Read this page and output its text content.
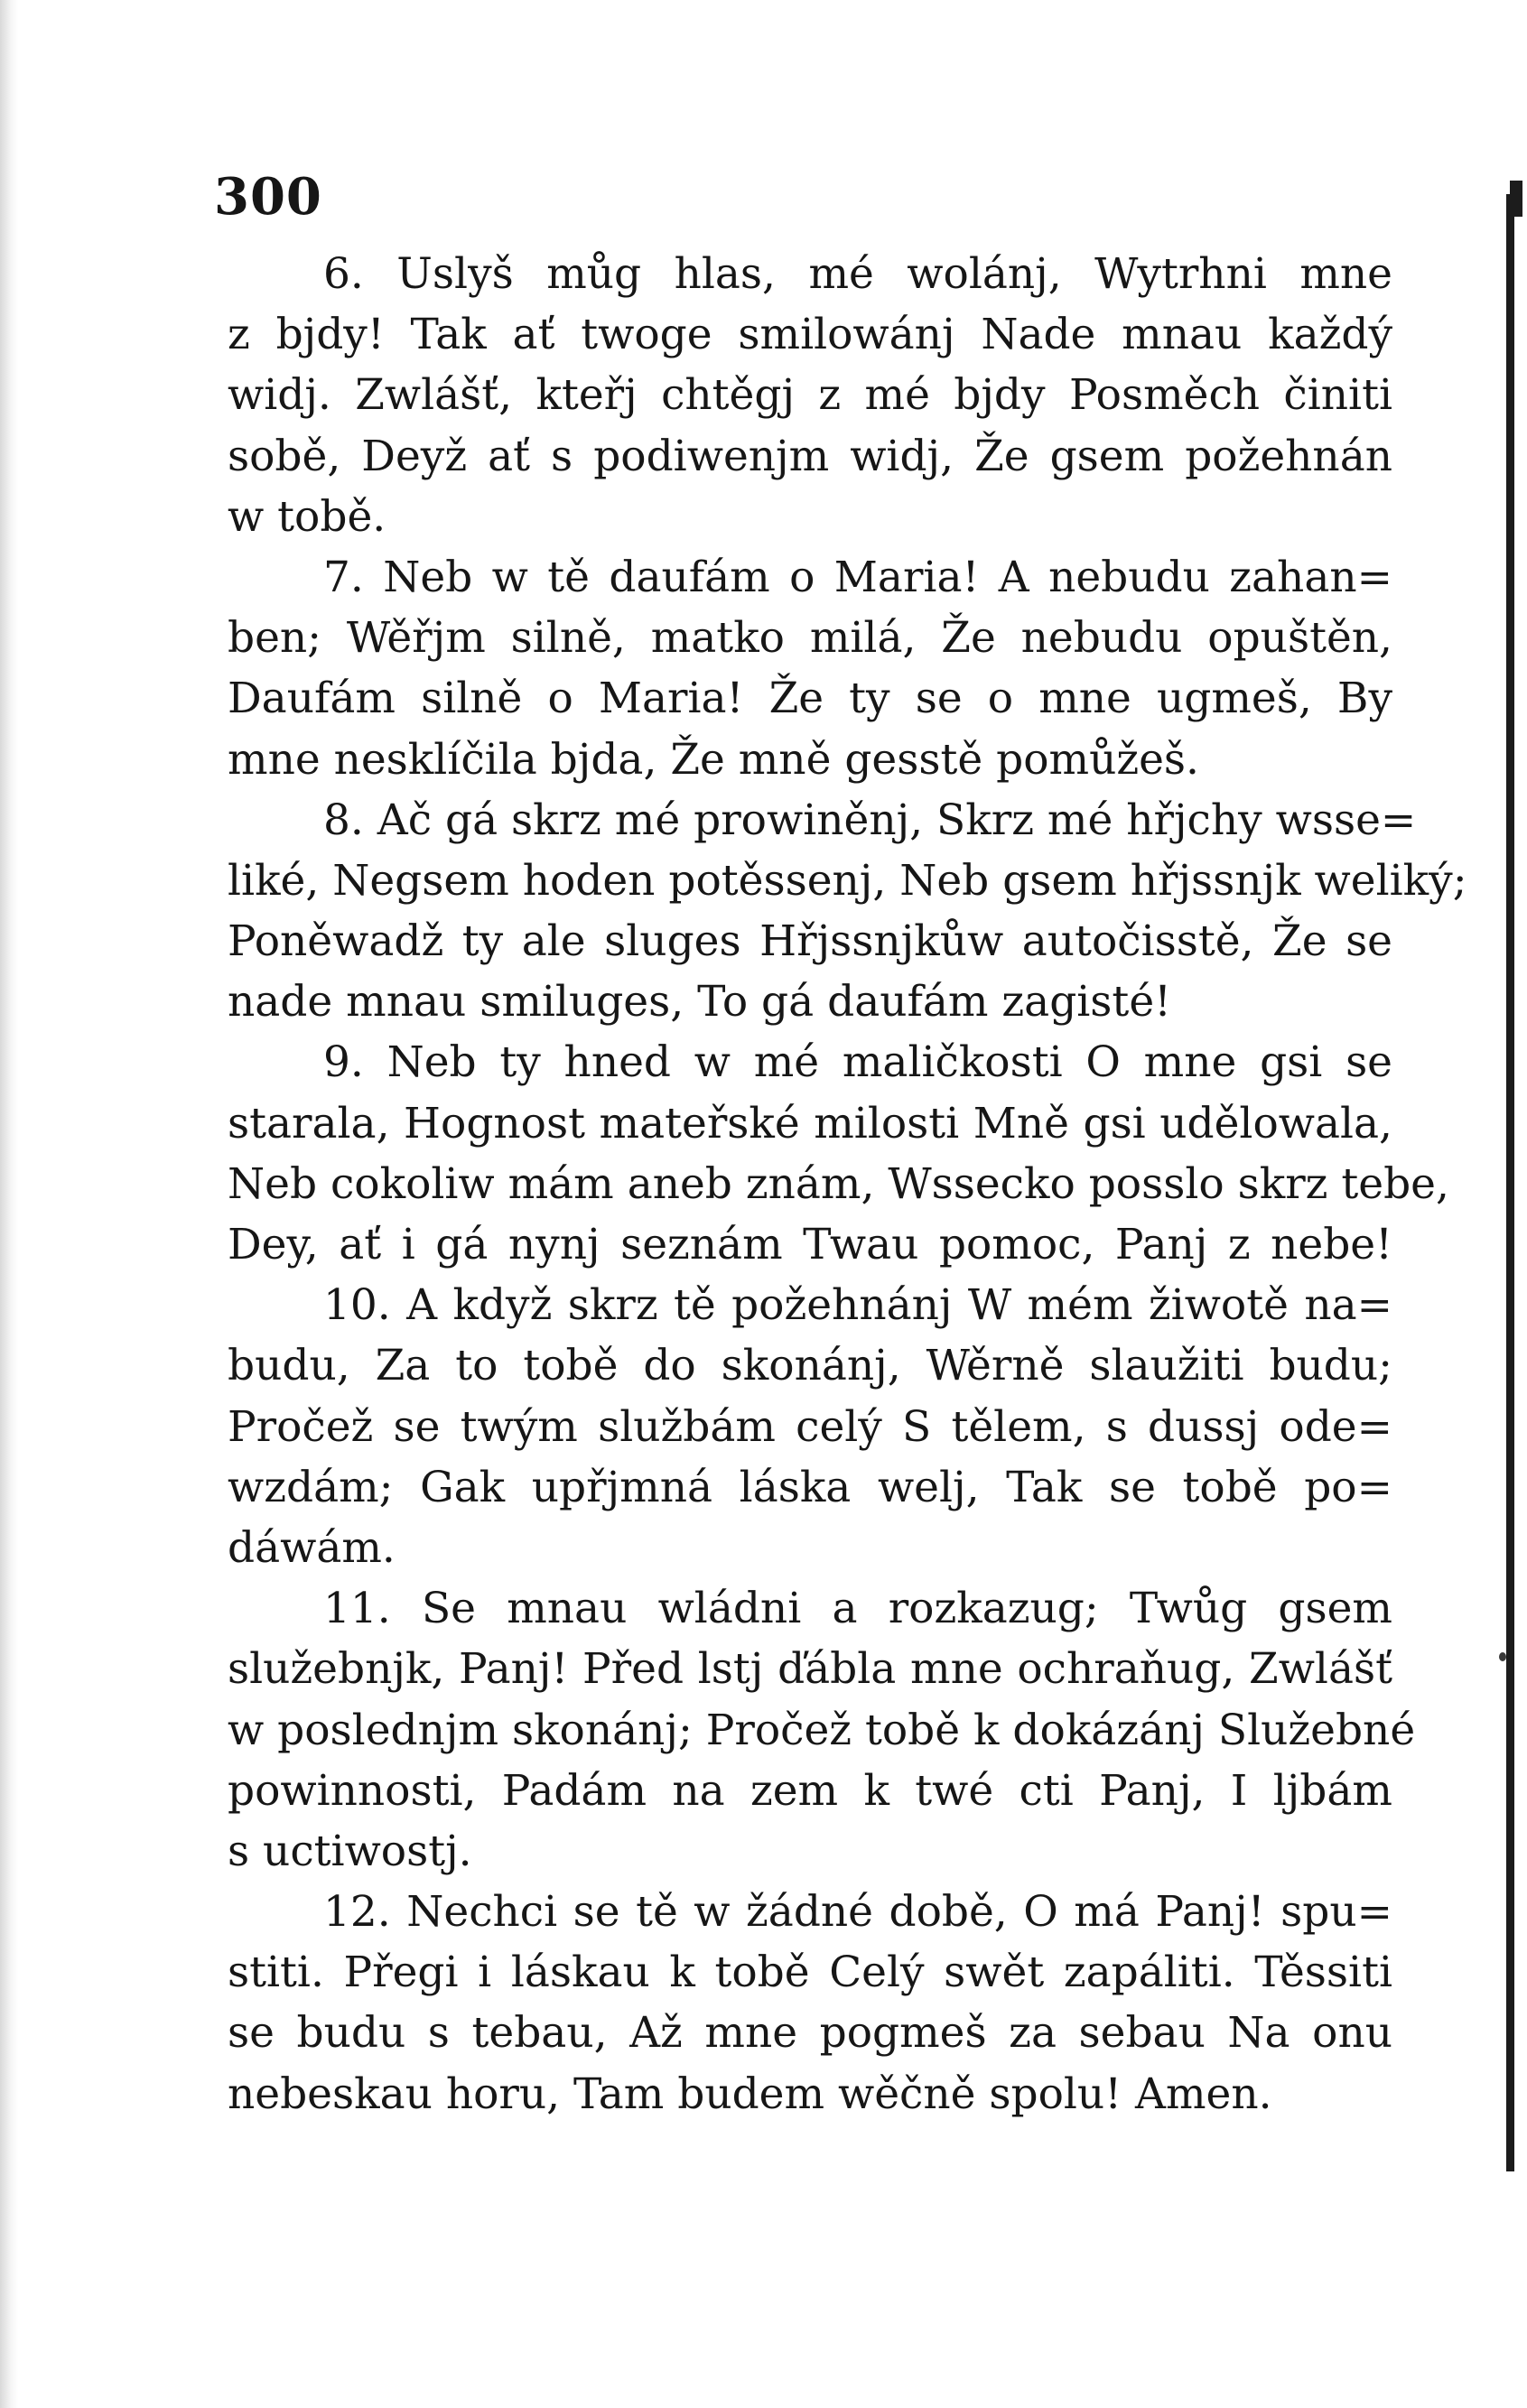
300
6. Uslyš můg hlas, mé wolánj, Wytrhni mne
z bjdy! Tak ať twoge smilowánj Nade mnau každý
widj. Zwlášť, kteřj chtěgj z mé bjdy Posměch činiti
sobě, Deyž ať s podiwenjm widj, Že gsem požehnán
w tobě.
7. Neb w tě daufám o Maria! A nebudu zahan=
ben; Wěřjm silně, matko milá, Že nebudu opuštěn,
Daufám silně o Maria! Že ty se o mne ugmeš, By
mne nesklíčila bjda, Že mně gesstě pomůžeš.
8. Ač gá skrz mé prowiněnj, Skrz mé hřjchy wsse=
liké, Negsem hoden potěssenj, Neb gsem hřjssnjk weliký;
Poněwadž ty ale sluges Hřjssnjkůw autočisstě, Že se
nade mnau smiluges, To gá daufám zagisté!
9. Neb ty hned w mé maličkosti O mne gsi se
starala, Hognost mateřské milosti Mně gsi udělowala,
Neb cokoliw mám aneb znám, Wssecko posslo skrz tebe,
Dey, ať i gá nynj seznám Twau pomoc, Panj z nebe!
10. A když skrz tě požehnánj W mém žiwotě na=
budu, Za to tobě do skonánj, Wěrně slaužiti budu;
Pročež se twým službám celý S tělem, s dussj ode=
wzdám; Gak upřjmná láska welj, Tak se tobě po=
dáwám.
11. Se mnau wládni a rozkazug; Twůg gsem
služebnjk, Panj! Před lstj ďábla mne ochraňug, Zwlášť
w poslednjm skonánj; Pročež tobě k dokázánj Služebné
powinnosti, Padám na zem k twé cti Panj, I ljbám
s uctiwostj.
12. Nechci se tě w žádné době, O má Panj! spu=
stiti. Přegi i láskau k tobě Celý swět zapáliti. Těssiti
se budu s tebau, Až mne pogmeš za sebau Na onu
nebeskau horu, Tam budem wěčně spolu! Amen.
